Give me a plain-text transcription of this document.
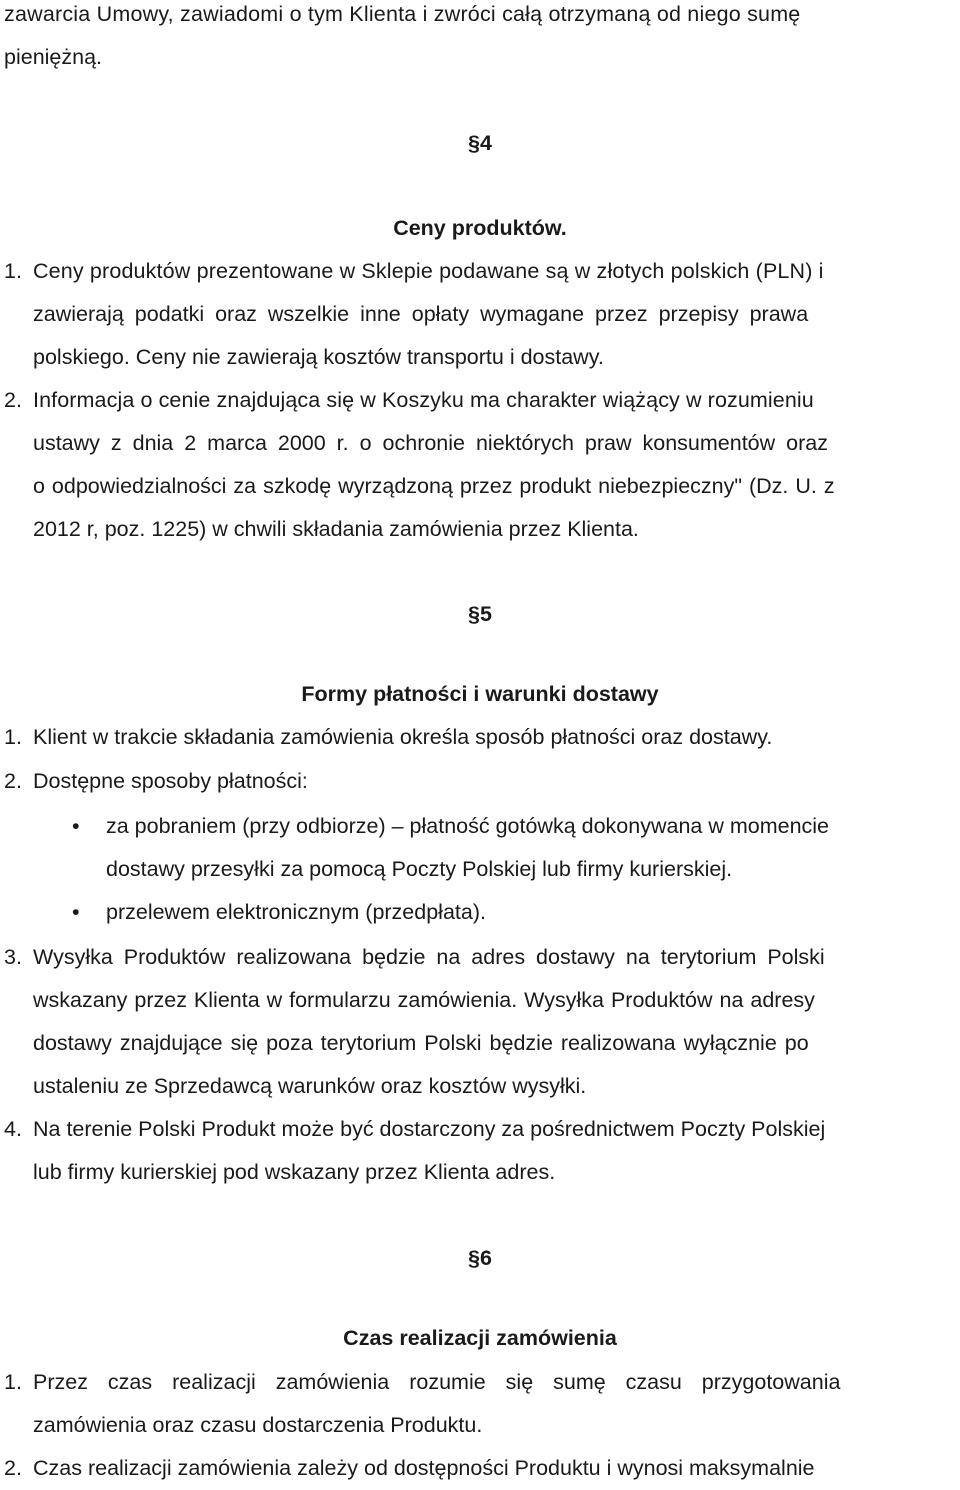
zawarcia Umowy, zawiadomi o tym Klienta i zwróci całą otrzymaną od niego sumę
pieniężną.
§4
Ceny produktów.
1. Ceny produktów prezentowane w Sklepie podawane są w złotych polskich (PLN) i
zawierają podatki oraz wszelkie inne opłaty wymagane przez przepisy prawa
polskiego. Ceny nie zawierają kosztów transportu i dostawy.
2. Informacja o cenie znajdująca się w Koszyku ma charakter wiążący w rozumieniu
ustawy z dnia 2 marca 2000 r. o ochronie niektórych praw konsumentów oraz
o odpowiedzialności za szkodę wyrządzoną przez produkt niebezpieczny" (Dz. U. z
2012 r, poz. 1225) w chwili składania zamówienia przez Klienta.
§5
Formy płatności i warunki dostawy
1. Klient w trakcie składania zamówienia określa sposób płatności oraz dostawy.
2. Dostępne sposoby płatności:
•	za pobraniem (przy odbiorze) – płatność gotówką dokonywana w momencie
dostawy przesyłki za pomocą Poczty Polskiej lub firmy kurierskiej.
•	przelewem elektronicznym (przedpłata).
3. Wysyłka Produktów realizowana będzie na adres dostawy na terytorium Polski
wskazany przez Klienta w formularzu zamówienia. Wysyłka Produktów na adresy
dostawy znajdujące się poza terytorium Polski będzie realizowana wyłącznie po
ustaleniu ze Sprzedawcą warunków oraz kosztów wysyłki.
4. Na terenie Polski Produkt może być dostarczony za pośrednictwem Poczty Polskiej
lub firmy kurierskiej pod wskazany przez Klienta adres.
§6
Czas realizacji zamówienia
1. Przez czas realizacji zamówienia rozumie się sumę czasu przygotowania
zamówienia oraz czasu dostarczenia Produktu.
2. Czas realizacji zamówienia zależy od dostępności Produktu i wynosi maksymalnie
